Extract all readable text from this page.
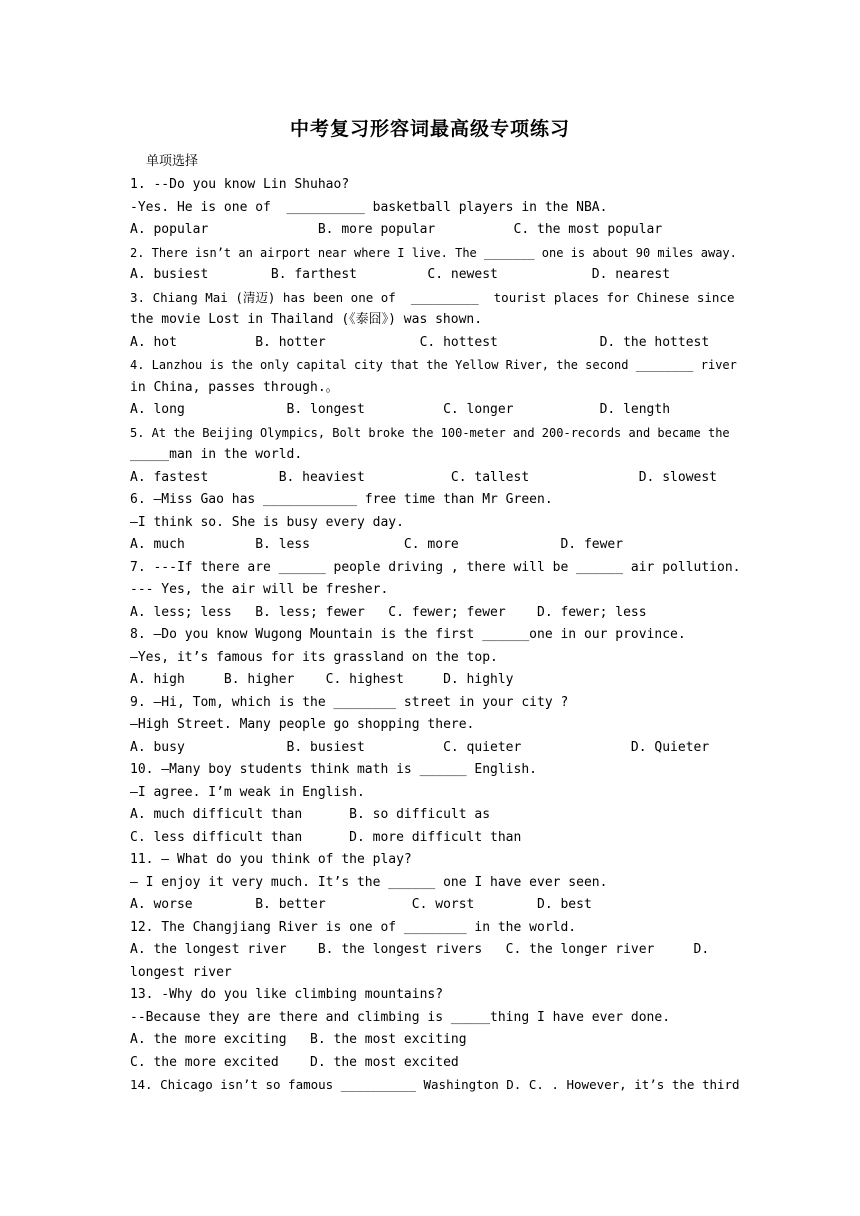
中考复习形容词最高级专项练习
单项选择
1. --Do you know Lin Shuhao?
-Yes. He is one of  __________ basketball players in the NBA.
A. popular              B. more popular          C. the most popular
2. There isn’t an airport near where I live. The _______ one is about 90 miles away.
A. busiest        B. farthest         C. newest            D. nearest
3. Chiang Mai (清迈) has been one of  _________  tourist places for Chinese since
the movie Lost in Thailand (《泰囧》) was shown.
A. hot          B. hotter            C. hottest             D. the hottest
4. Lanzhou is the only capital city that the Yellow River, the second ________ river
in China, passes through.。
A. long             B. longest          C. longer           D. length
5. At the Beijing Olympics, Bolt broke the 100-meter and 200-records and became the
_____man in the world.
A. fastest         B. heaviest           C. tallest              D. slowest
6. —Miss Gao has ____________ free time than Mr Green.
—I think so. She is busy every day.
A. much         B. less            C. more             D. fewer
7. ---If there are ______ people driving , there will be ______ air pollution.
--- Yes, the air will be fresher.
A. less; less   B. less; fewer   C. fewer; fewer    D. fewer; less
8. —Do you know Wugong Mountain is the first ______one in our province.
—Yes, it’s famous for its grassland on the top.
A. high     B. higher    C. highest     D. highly
9. —Hi, Tom, which is the ________ street in your city ?
—High Street. Many people go shopping there.
A. busy             B. busiest          C. quieter              D. Quieter
10. —Many boy students think math is ______ English.
—I agree. I’m weak in English.
A. much difficult than      B. so difficult as
C. less difficult than      D. more difficult than
11. — What do you think of the play?
— I enjoy it very much. It’s the ______ one I have ever seen.
A. worse        B. better           C. worst        D. best
12. The Changjiang River is one of ________ in the world.
A. the longest river    B. the longest rivers   C. the longer river     D.
longest river
13. -Why do you like climbing mountains?
--Because they are there and climbing is _____thing I have ever done.
A. the more exciting   B. the most exciting
C. the more excited    D. the most excited
14. Chicago isn’t so famous __________ Washington D. C. . However, it’s the third
